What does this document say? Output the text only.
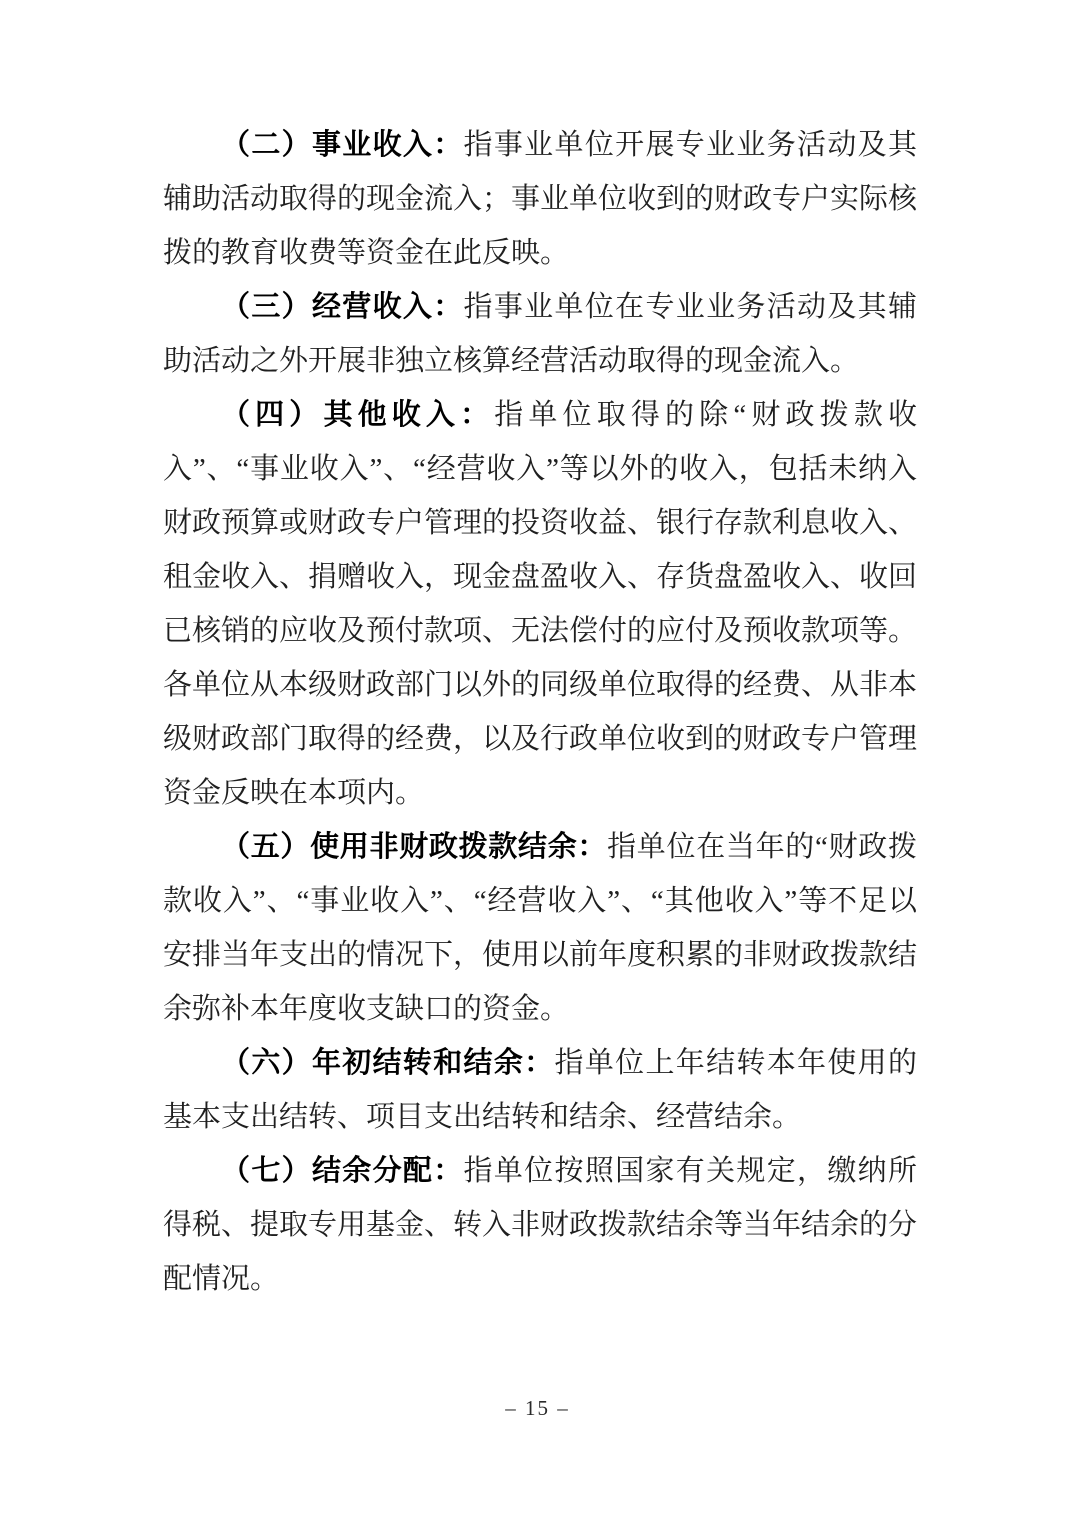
（二）事业收入：指事业单位开展专业业务活动及其辅助活动取得的现金流入；事业单位收到的财政专户实际核拨的教育收费等资金在此反映。

（三）经营收入：指事业单位在专业业务活动及其辅助活动之外开展非独立核算经营活动取得的现金流入。

（四）其他收入：指单位取得的除“财政拨款收入”、“事业收入”、“经营收入”等以外的收入，包括未纳入财政预算或财政专户管理的投资收益、银行存款利息收入、租金收入、捐赠收入，现金盘盈收入、存货盘盈收入、收回已核销的应收及预付款项、无法偿付的应付及预收款项等。各单位从本级财政部门以外的同级单位取得的经费、从非本级财政部门取得的经费，以及行政单位收到的财政专户管理资金反映在本项内。

（五）使用非财政拨款结余：指单位在当年的“财政拨款收入”、“事业收入”、“经营收入”、“其他收入”等不足以安排当年支出的情况下，使用以前年度积累的非财政拨款结余弥补本年度收支缺口的资金。

（六）年初结转和结余：指单位上年结转本年使用的基本支出结转、项目支出结转和结余、经营结余。

（七）结余分配：指单位按照国家有关规定，缴纳所得税、提取专用基金、转入非财政拨款结余等当年结余的分配情况。

– 15 –
